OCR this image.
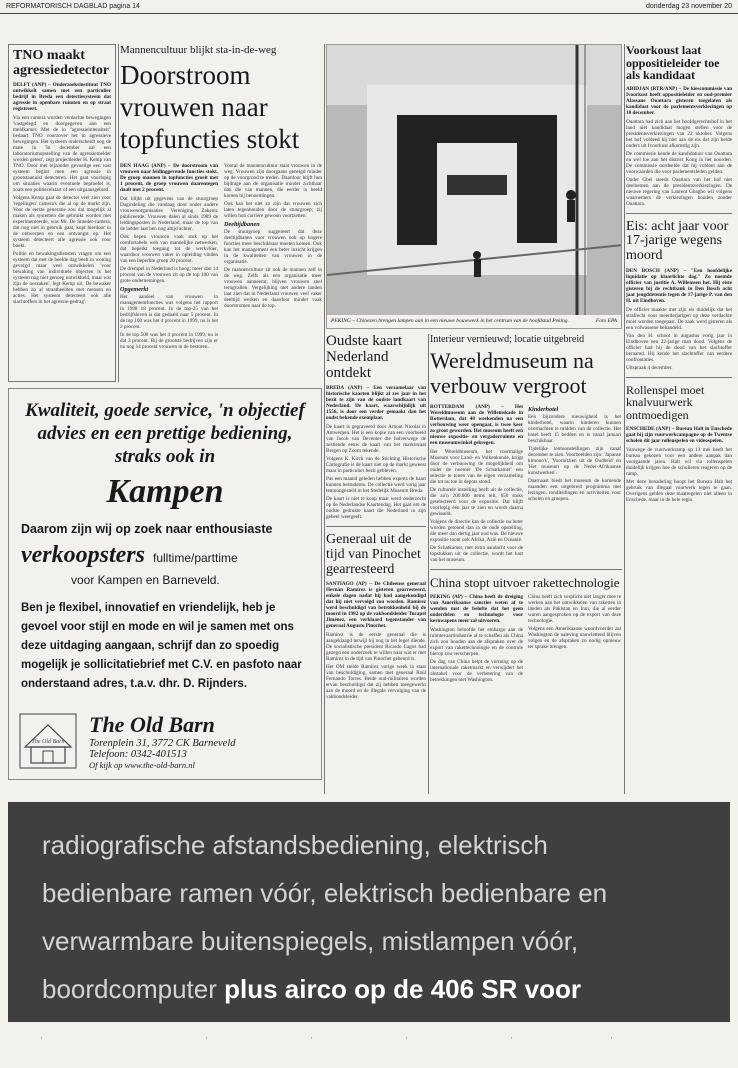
REFORMATORISCH DAGBLAD pagina 14	donderdag 23 november 20
TNO maakt agressiedetector
DELFT (ANP) – Onderzoeksinstituut TNO ontwikkelt samen met een particulier bedrijf in Breda een detectiesysteem dat agressie in openbare ruimten en op straat registreert.
Via een camera worden verdachte bewegingen 'vastgelegd en doorgegeven aan een meldkamer. Met de in "agressieintensiteit" bedaart TNO voorzover het in agressieve bewegingen. Het systeem onderscheidt nog de mate in 'In december zal een laboratoriumopstelling van de agressiemelder worden getest', zegt projectleider H. Kemp van TNO. Door met bijzonder gevoelige een vast systeem begint men een agressie in grootstaanuist detecteren. Het gaat voorlopig om situaties waarin eventuele beproefel is, zoals een politiecelstart of een uitgaansgebied.
Volgens Kemp gaat de detector veel zien voor 'regelingen' camera's die al op de markt zijn. Voor de eerste generatie zou dat mogelijk al maken als systemen die gebruikt worden met experimenteerde, was Mr. De Smeder-camera, dat nog niet in gebruik gaat, kopt hierdoor in de ontwerpen en een ontvangst op. Het systeem detecteert alle agressie ook voor boekt.
Politie en bewakingsdiensten vragen om een systeem dat met de beelde dag beelt in woning gevolgd maar veel ontwikkelen 'voor bewaking van individuele objecten is het systeem nog niet genoeg ontwikkeld, maar wat zijn de oorzaken', legt Kemp uit. De bewaker hebben zo al straatbeelden met mensen en acties. Het systeem detecteert ook alle slachtoffers in het agressie-gedrag'.
Mannencultuur blijkt sta-in-de-weg
Doorstroom vrouwen naar topfuncties stokt
DEN HAAG (ANP) – De doorstroom van vrouwen naar leidinggevende functies stokt. De groep mannen in topfuncties groeit met 1 procent, de groep vrouwen daarentegen daalt met 2 procent.
Dat blijkt uit gegevens van de stuurgroep Dagindeling die vandaag door onder andere vrouwenorganisaties Vereniging Zakeniz publiceerde. Vrouwen dalen al sinds 1989 de leidingsposten in Nederland, maar de top van de ladder laat hen nog altijd achter.
Ook liepen vrouwen vaak stuk op het comfortabele web van mannelijke netwerken, dat beperkt toegang tot de werkvloer, waardoor vrouwen vaker in opleiding vinden van een beperkte groep 20 procent.
De drempel in Nederland is hoog; meer dan 14 procent van de vrouwen zit op de top 100 van grote ondernemingen.
Opgemerkt
Het aandeel van vrouwen in managementfuncties was volgens het rapport in 1998 18 procent. In de top-25 van het bedrijfsleven is dat gedaald naar 5 procent. In de top 100 was het 4 procent in 1999, nu is het 2 procent.
In de top 500 was het 4 procent in 1999, nu is dat 3 procent. Bij de grootste bedrijven zijn er nu nog 14 procent vrouwen in de besturen.
Vooral de mannencultuur staat vrouwen in de weg. Vrouwen zijn doorgaans geneigd minder op de voorgrond te treden. Daardoor blijft hun bijdrage aan de organisatie minder zichtbaar dan die van mannen, die eerder in beeld komen bij benoemingen.
Ook kan het niet zo zijn dat vrouwen zich laten tegenhouden door de stuurgroep; zij willen hun carrière gewoon voortzetten.
Deeltijdbanen
De stuurgroep suggereert dat deze deeltijdbanen voor vrouwen ook op hogere functies meer beschikbaar moeten komen. Ook kan het management een beter inzicht krijgen in de kwaliteiten van vrouwen in de organisatie.
De mannencultuur zit ook de mannen zelf in de weg. Zelfs als een organisatie meer vrouwen aanneemt, blijven vrouwen snel terugvallen. Vergelijking met andere landen laat zien dat in Nederland vrouwen veel vaker deeltijd werken en daardoor minder vaak doorstromen naar de top.
PEKING – Chinezen brengen lampen aan in een nieuwe bouwwerk in het centrum van de hoofdstad Peking.	Foto EPA
Oudste kaart Nederland ontdekt
BREDA (ANP) – Een verzamelaar van historische kaarten blijkt al zes jaar in het bezit te zijn van de oudste landkaart van Nederland. De kaart, waarschijnlijk uit 1556, is door een verder gemaakt dan het oudst bekende exemplaar.
De kaart is gegraveerd door Arnout Nicolai in Antwerpen. Het is een kopie van een voorbeeld van Jacob van Deventer die halverwege de zestiende eeuw de kaart van het markiezaat Bergen op Zoom tekende.
Volgens K. Kirch van de Stichting Historische Cartografie is de kaart niet op de markt geweest maar in particulier bezit gebleven.
Pas een maand geleden hebben experts de kaart kunnen bestuderen. De collectie werd vorig jaar tentoongesteld in het Stedelijk Museum Breda.
De kaart is niet te koop maar werd onderzocht op de Nederlandse Kaartendag. Het gaat om de oudste gedrukte kaart die Nederland in zijn geheel weergeeft.
Generaal uit de tijd van Pinochet gearresteerd
SANTIAGO (AP) – De Chileense generaal Hernán Ramírez is gisteren gearresteerd, enkele dagen nadat hij had aangekondigd dat hij niet vervolgd zou worden. Ramírez werd beschuldigd van betrokkenheid bij de moord in 1982 op de vakbondsleider Tucapel Jiménez, een verklaard tegenstander van generaal Augusto Pinochet.
Ramírez is de eerste generaal die is aangeklaagd terwijl hij nog in het leger diende. De socialistische president Ricardo Lagos had gezegd een onderzoek te willen naar wat er met Ramírez in de tijd van Pinochet gebeurd is.
Het OM stelde Ramírez vorige week in staat van beschuldiging, samen met generaal Raúl Fernando Torres. Beide oud-militairen worden ervan beschuldigd dat zij hebben meegewerkt aan de moord en de illegale vervolging van de vakbondsleider.
Interieur vernieuwd; locatie uitgebreid
Wereldmuseum na verbouw vergroot
ROTTERDAM (ANP) – Het Wereldmuseum aan de Willemskade in Rotterdam, dat 48 weekenden na een verbouwing weer opengaat, is twee keer zo groot geworden. Het museum heeft een nieuwe expositie- en vergaderruimte en een museumwinkel gekregen.
Het Wereldmuseum, het voormalige Museum voor Land- en Volkenkunde, krijgt door de verbouwing de mogelijkheid om onder de noemer 'De Schatkamer' een selectie te tonen van de eigen verzameling die tot nu toe in depots stond.
De culturele instelling heeft uit de collectie, die zo'n 200.000 items telt, 650 stuks geselecteerd voor de expositie. Dat blijft voorlopig één jaar te zien en wordt daarna gewisseld.
Volgens de directie kan de collectie nu beter worden getoond dan in de oude opstelling, die meer dan dertig jaar oud was. De nieuwe expositie toont ook Afrika, Azië en Oceanië.
De Schatkamer, met extra aandacht voor de topstukken uit de collectie, wordt het hart van het museum.
Kinderhotel
Een bijzondere nieuwigheid is het kinderhotel, waarin kinderen kunnen overnachten te midden van de collectie. Het hotel heeft 15 bedden en is vanaf januari beschikbaar.
Tijdelijke tentoonstellingen zijn vanaf december te zien. Voorbeelden zijn: 'Japanse kimono's', 'Vooruitzien uit de Oudheid' en 'Het museum op de Neder-Afrikaanse kunstwerken'.
Daarnaast biedt het museum de komende maanden een uitgebreid programma met lezingen, rondleidingen en activiteiten voor scholen en groepen.
China stopt uitvoer rakettechnologie
PEKING (AP) – China heeft de dreiging van Amerikaanse sancties weten af te wenden met de belofte dat het geen onderdelen en technologie voor kernwapens meer zal uitvoeren.
Washington beloofde het embargo aan de ruimtevaartindustrie af te schaffen als China zich zou houden aan de afspraken over de export van rakettechnologie en de controle hierop zou verscherpen.
De dag van China helpt de vorming op de internationale raketmarkt en verwijdert het obstakel voor de verbetering van de betrekkingen met Washington.
China heeft zich verplicht niet langer mee te werken aan het ontwikkelen van raketten in landen als Pakistan en Iran, die al eerder waren aangesproken op de export van deze technologie.
Volgens een Amerikaanse woordvoerder zal Washington de naleving nauwlettend blijven volgen en de afspraken zo nodig opnieuw ter sprake brengen.
Voorkoust laat oppositieleider toe als kandidaat
ABIDJAN (RTR/ANP) – De kiescommissie van Ivoorkust heeft oppositieleider en oud-premier Alassane Ouattara gisteren toegelaten als kandidaat voor de parlementsverkiezingen op 10 december.
Ouattara had zich aan het hoofdgerechtshof in het land niet kandidaat mogen stellen voor de presidentsverkiezingen van 22 oktober. Volgens het hof voldeed hij niet aan de eis dat zijn beide ouders uit Ivoorkust afkomstig zijn.
De commissie kende de kandidatuur van Ouattara nu wel toe aan het district Kong in het noorden. De commissie oordeelde dat hij voldoet aan de voorwaarden die voor parlementsleden gelden.
Onder Gbei steeds Ouattara van het hof niet deelnemen aan de presidentsverkiezingen. De nieuwe regering van Laurent Gbagbo wil volgens waarnemers de verkiezingen houden zonder Ouattara.
Eis: acht jaar voor 17-jarige wegens moord
DEN BOSCH (ANP) – "Een hoofdelijke liquidatie op klaarlichte dag." Zo noemde officier van justitie A. Willemsen het. Hij eiste gisteren bij de rechtbank in Den Bosch acht jaar jeugddetentie tegen de 17-jarige P. van den H. uit Eindhoven.
De officier maakte met zijn eis duidelijk dat het strafrecht voor meerderjarigen op deze verdachte moet worden toegepast. De zaak werd gisteren als een volwassene behandeld.
Van den H. schoot in augustus vorig jaar in Eindhoven een 22-jarige man dood. Volgens de officier had hij de dood van het slachtoffer beraamd. Hij kende het slachtoffer van eerdere confrontaties.
Uitspraak 4 december.
Rollenspel moet knalvuurwerk ontmoedigen
ENSCHEDE (ANP) – Bureau Halt in Enschede gaat bij zijn vuurwerkcampagne op de Twentse scholen dit jaar rollenspelen en videospelen.
Vanwege de vuurwerkramp op 13 mei heeft het bureau gekozen voor een andere aanpak dan voorgaande jaren. Halt wil via rollenspelen duidelijk krijgen hoe de scholieren reageren op de ramp.
Met deze benadering hoopt het Bureau Halt het gebruik van illegaal vuurwerk tegen te gaan. Overigens gelden deze maatregelen niet alleen in Enschede, maar in de hele regio.
Kwaliteit, goede service, 'n objectief advies en een prettige bediening, straks ook in
Kampen
Daarom zijn wij op zoek naar enthousiaste
verkoopsters fulltime/parttime
voor Kampen en Barneveld.
Ben je flexibel, innovatief en vriendelijk, heb je gevoel voor stijl en mode en wil je samen met ons deze uitdaging aangaan, schrijf dan zo spoedig mogelijk je sollicitatiebrief met C.V. en pasfoto naar onderstaand adres, t.a.v. dhr. D. Rijnders.
The Old Barn
The Old Barn
Torenplein 31, 3772 CK Barneveld
Telefoon: 0342-401513
Of kijk op www.the-old-barn.nl
radiografische afstandsbediening, elektrisch
bedienbare ramen vóór, elektrisch bedienbare en
verwarmbare buitenspiegels, mistlampen vóór,
boordcomputer plus airco op de 406 SR voor
ˈ	ˈ	ˈ	ˈ	ˈ	ˈ
